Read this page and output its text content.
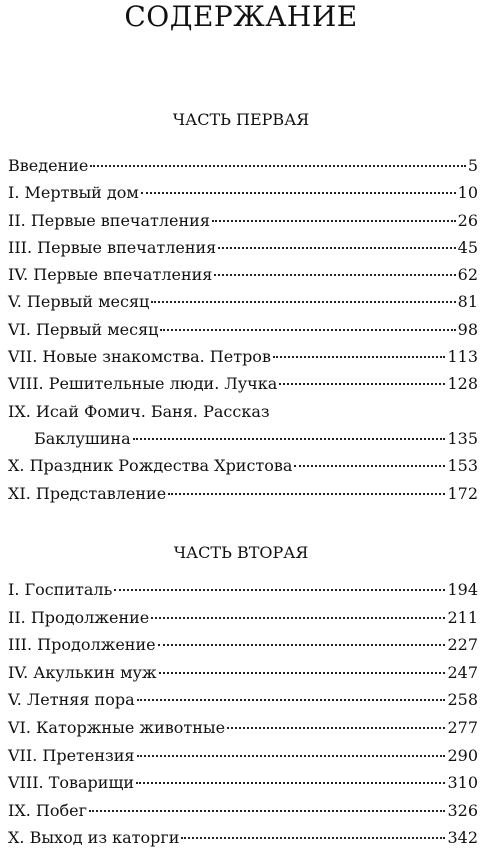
СОДЕРЖАНИЕ
ЧАСТЬ ПЕРВАЯ
Введение	5
I. Мертвый дом	10
II. Первые впечатления	26
III. Первые впечатления	45
IV. Первые впечатления	62
V. Первый месяц	81
VI. Первый месяц	98
VII. Новые знакомства. Петров	113
VIII. Решительные люди. Лучка	128
IX. Исай Фомич. Баня. Рассказ
Баклушина	135
X. Праздник Рождества Христова	153
XI. Представление	172
ЧАСТЬ ВТОРАЯ
I. Госпиталь	194
II. Продолжение	211
III. Продолжение	227
IV. Акулькин муж	247
V. Летняя пора	258
VI. Каторжные животные	277
VII. Претензия	290
VIII. Товарищи	310
IX. Побег	326
X. Выход из каторги	342
